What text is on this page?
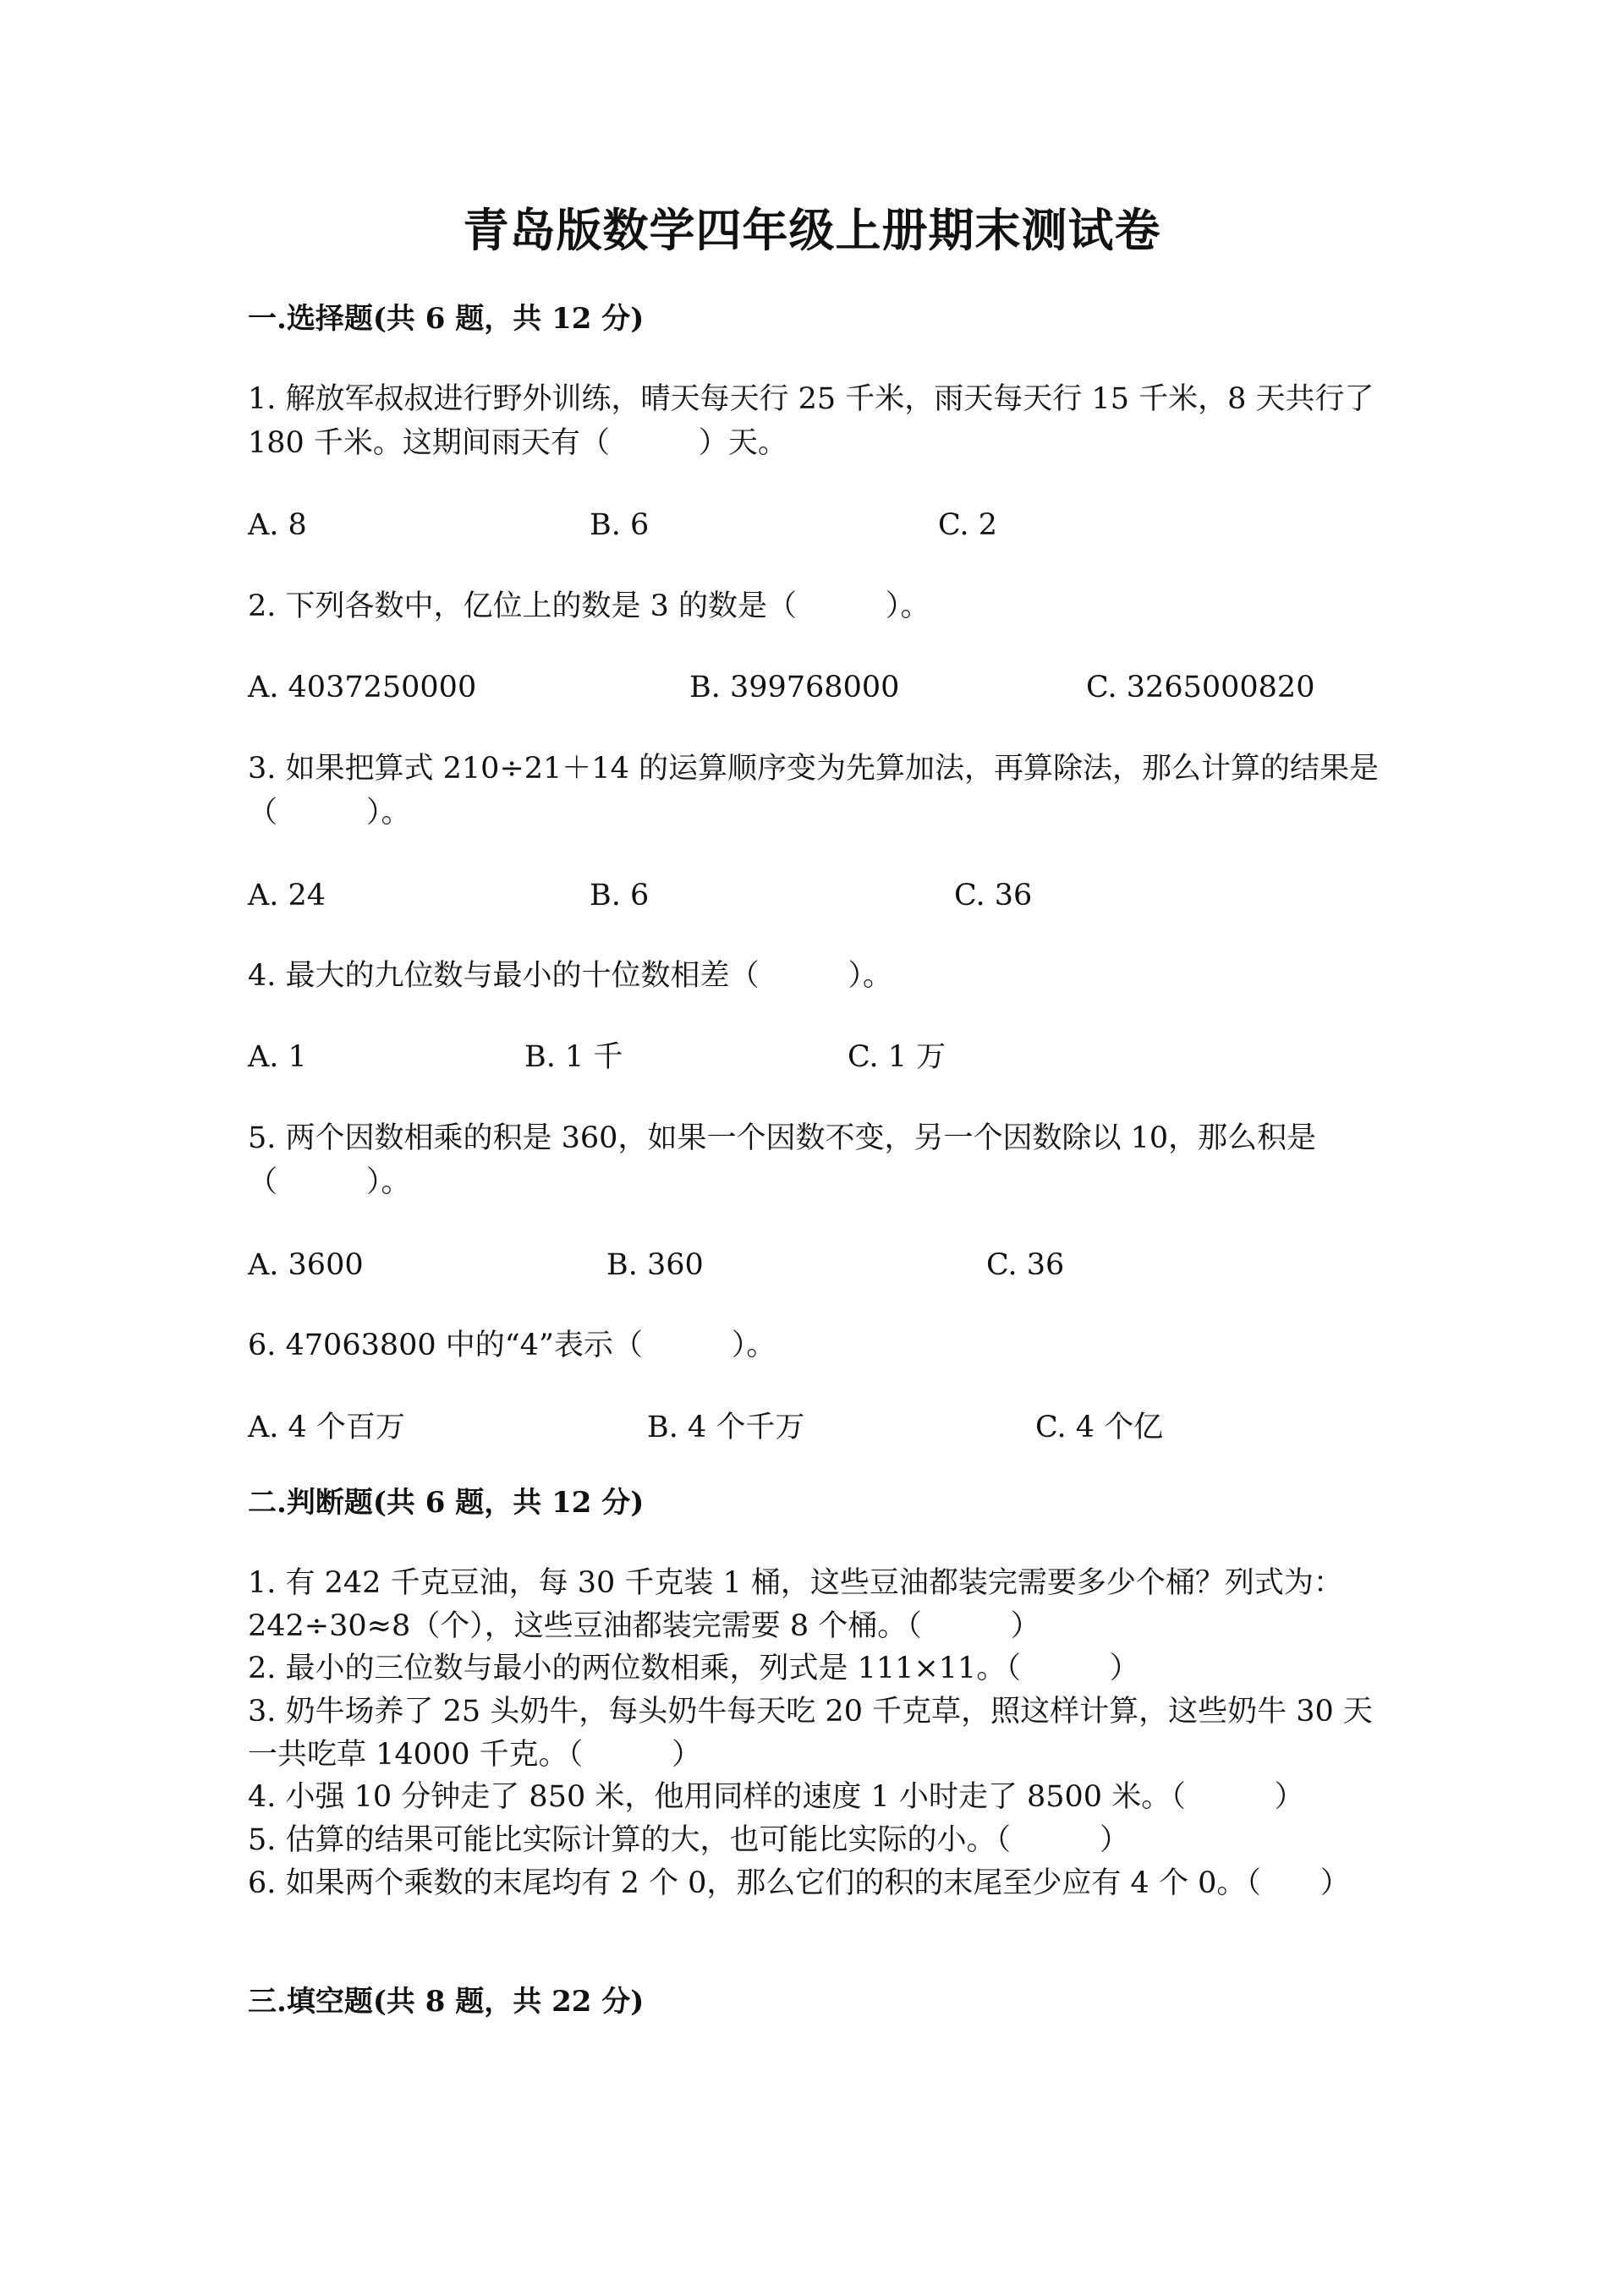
青岛版数学四年级上册期末测试卷
一.选择题(共 6 题，共 12 分)
1. 解放军叔叔进行野外训练，晴天每天行 25 千米，雨天每天行 15 千米，8 天共行了 180 千米。这期间雨天有（　　　）天。
A. 8	B. 6	C. 2
2. 下列各数中，亿位上的数是 3 的数是（　　　）。
A. 4037250000	B. 399768000	C. 3265000820
3. 如果把算式 210÷21＋14 的运算顺序变为先算加法，再算除法，那么计算的结果是（　　　）。
A. 24	B. 6	C. 36
4. 最大的九位数与最小的十位数相差（　　　）。
A. 1	B. 1 千	C. 1 万
5. 两个因数相乘的积是 360，如果一个因数不变，另一个因数除以 10，那么积是（　　　）。
A. 3600	B. 360	C. 36
6. 47063800 中的“4”表示（　　　）。
A. 4 个百万	B. 4 个千万	C. 4 个亿
二.判断题(共 6 题，共 12 分)
1. 有 242 千克豆油，每 30 千克装 1 桶，这些豆油都装完需要多少个桶？列式为：242÷30≈8（个），这些豆油都装完需要 8 个桶。（　　　）
2. 最小的三位数与最小的两位数相乘，列式是 111×11。（　　　）
3. 奶牛场养了 25 头奶牛，每头奶牛每天吃 20 千克草，照这样计算，这些奶牛 30 天一共吃草 14000 千克。（　　　）
4. 小强 10 分钟走了 850 米，他用同样的速度 1 小时走了 8500 米。（　　　）
5. 估算的结果可能比实际计算的大，也可能比实际的小。（　　　）
6. 如果两个乘数的末尾均有 2 个 0，那么它们的积的末尾至少应有 4 个 0。（　　）
三.填空题(共 8 题，共 22 分)
